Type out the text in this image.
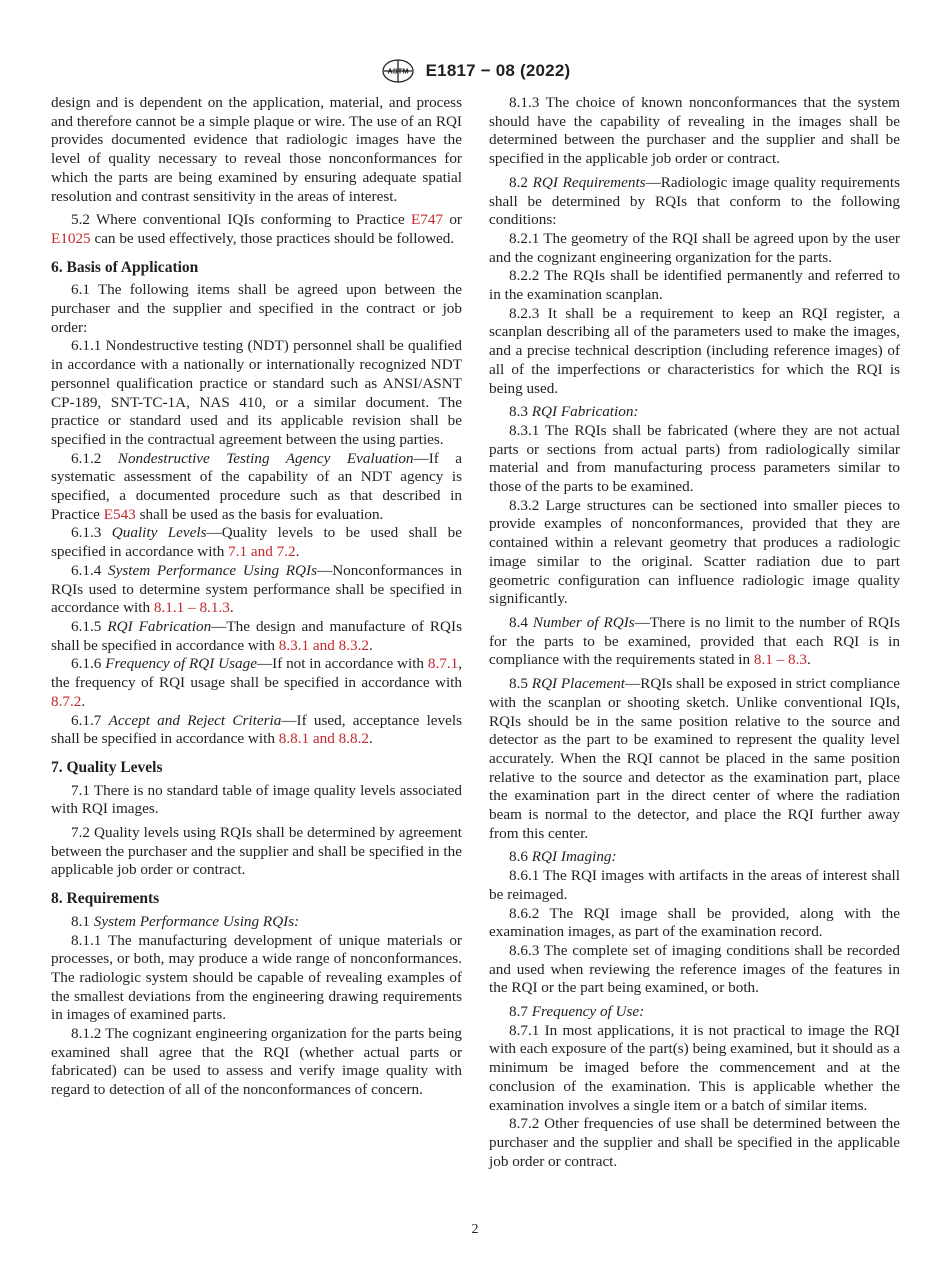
ASTM E1817 − 08 (2022)

design and is dependent on the application, material, and process and therefore cannot be a simple plaque or wire. The use of an RQI provides documented evidence that radiologic images have the level of quality necessary to reveal those nonconformances for which the parts are being examined by ensuring adequate spatial resolution and contrast sensitivity in the areas of interest.

5.2 Where conventional IQIs conforming to Practice E747 or E1025 can be used effectively, those practices should be followed.

6. Basis of Application

6.1 The following items shall be agreed upon between the purchaser and the supplier and specified in the contract or job order:

6.1.1 Nondestructive testing (NDT) personnel shall be qualified in accordance with a nationally or internationally recognized NDT personnel qualification practice or standard such as ANSI/ASNT CP-189, SNT-TC-1A, NAS 410, or a similar document. The practice or standard used and its applicable revision shall be specified in the contractual agreement between the using parties.

6.1.2 Nondestructive Testing Agency Evaluation—If a systematic assessment of the capability of an NDT agency is specified, a documented procedure such as that described in Practice E543 shall be used as the basis for evaluation.

6.1.3 Quality Levels—Quality levels to be used shall be specified in accordance with 7.1 and 7.2.

6.1.4 System Performance Using RQIs—Nonconformances in RQIs used to determine system performance shall be specified in accordance with 8.1.1 – 8.1.3.

6.1.5 RQI Fabrication—The design and manufacture of RQIs shall be specified in accordance with 8.3.1 and 8.3.2.

6.1.6 Frequency of RQI Usage—If not in accordance with 8.7.1, the frequency of RQI usage shall be specified in accordance with 8.7.2.

6.1.7 Accept and Reject Criteria—If used, acceptance levels shall be specified in accordance with 8.8.1 and 8.8.2.

7. Quality Levels

7.1 There is no standard table of image quality levels associated with RQI images.

7.2 Quality levels using RQIs shall be determined by agreement between the purchaser and the supplier and shall be specified in the applicable job order or contract.

8. Requirements

8.1 System Performance Using RQIs:

8.1.1 The manufacturing development of unique materials or processes, or both, may produce a wide range of nonconformances. The radiologic system should be capable of revealing examples of the smallest deviations from the engineering drawing requirements in images of examined parts.

8.1.2 The cognizant engineering organization for the parts being examined shall agree that the RQI (whether actual parts or fabricated) can be used to assess and verify image quality with regard to detection of all of the nonconformances of concern.

8.1.3 The choice of known nonconformances that the system should have the capability of revealing in the images shall be determined between the purchaser and the supplier and shall be specified in the applicable job order or contract.

8.2 RQI Requirements—Radiologic image quality requirements shall be determined by RQIs that conform to the following conditions:

8.2.1 The geometry of the RQI shall be agreed upon by the user and the cognizant engineering organization for the parts.

8.2.2 The RQIs shall be identified permanently and referred to in the examination scanplan.

8.2.3 It shall be a requirement to keep an RQI register, a scanplan describing all of the parameters used to make the images, and a precise technical description (including reference images) of all of the imperfections or characteristics for which the RQI is being used.

8.3 RQI Fabrication:

8.3.1 The RQIs shall be fabricated (where they are not actual parts or sections from actual parts) from radiologically similar material and from manufacturing process parameters similar to those of the parts to be examined.

8.3.2 Large structures can be sectioned into smaller pieces to provide examples of nonconformances, provided that they are contained within a relevant geometry that produces a radiologic image similar to the original. Scatter radiation due to part geometric configuration can influence radiologic image quality significantly.

8.4 Number of RQIs—There is no limit to the number of RQIs for the parts to be examined, provided that each RQI is in compliance with the requirements stated in 8.1 – 8.3.

8.5 RQI Placement—RQIs shall be exposed in strict compliance with the scanplan or shooting sketch. Unlike conventional IQIs, RQIs should be in the same position relative to the source and detector as the part to be examined to represent the quality level accurately. When the RQI cannot be placed in the same position relative to the source and detector as the examination part, place the examination part in the direct center of where the radiation beam is normal to the detector, and place the RQI further away from this center.

8.6 RQI Imaging:

8.6.1 The RQI images with artifacts in the areas of interest shall be reimaged.

8.6.2 The RQI image shall be provided, along with the examination images, as part of the examination record.

8.6.3 The complete set of imaging conditions shall be recorded and used when reviewing the reference images of the features in the RQI or the part being examined, or both.

8.7 Frequency of Use:

8.7.1 In most applications, it is not practical to image the RQI with each exposure of the part(s) being examined, but it should as a minimum be imaged before the commencement and at the conclusion of the examination. This is applicable whether the examination involves a single item or a batch of similar items.

8.7.2 Other frequencies of use shall be determined between the purchaser and the supplier and shall be specified in the applicable job order or contract.

2
